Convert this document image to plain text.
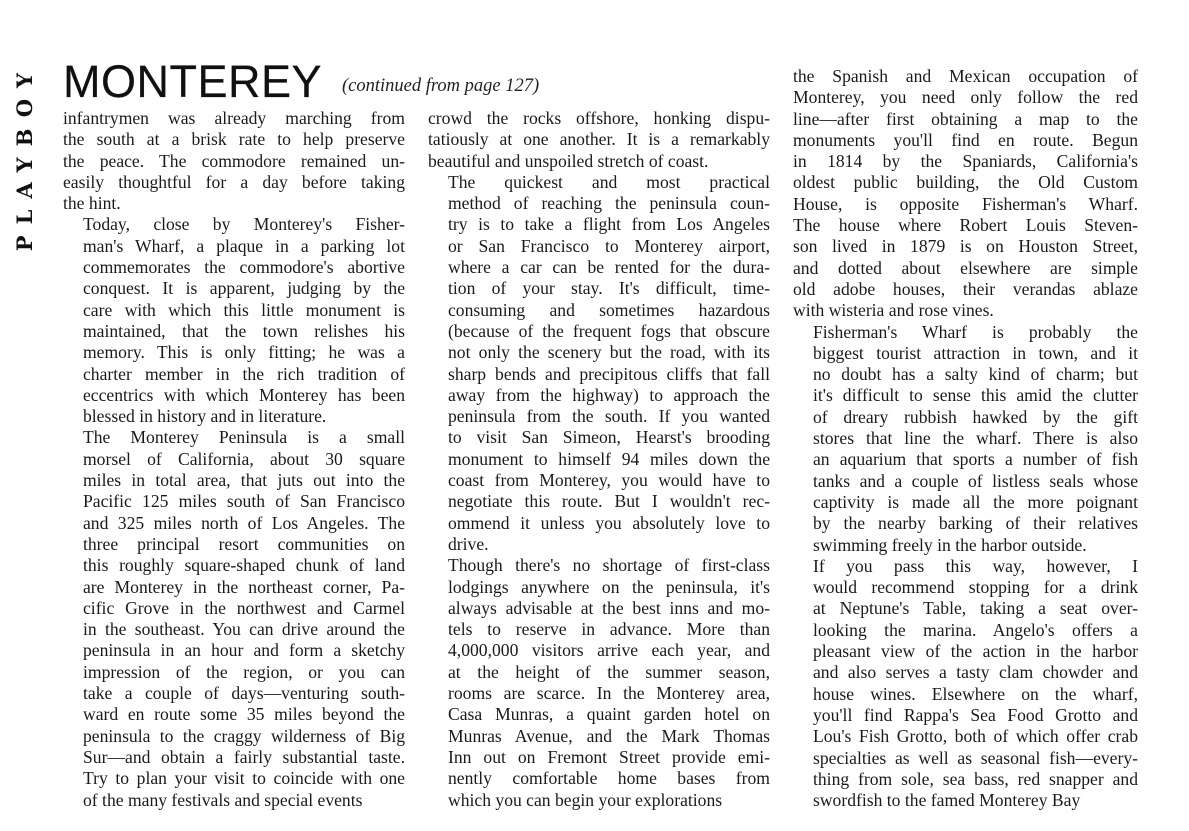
PLAYBOY MONTEREY (continued from page 127)

infantrymen was already marching from
the south at a brisk rate to help preserve
the peace. The commodore remained un-
easily thoughtful for a day before taking
the hint.

Today, close by Monterey's Fisher-
man's Wharf, a plaque in a parking lot
commemorates the commodore's abortive
conquest. It is apparent, judging by the
care with which this little monument is
maintained, that the town relishes his
memory. This is only fitting; he was a
charter member in the rich tradition of
eccentrics with which Monterey has been
blessed in history and in literature.

The Monterey Peninsula is a small
morsel of California, about 30 square
miles in total area, that juts out into the
Pacific 125 miles south of San Francisco
and 325 miles north of Los Angeles. The
three principal resort communities on
this roughly square-shaped chunk of land
are Monterey in the northeast corner, Pa-
cific Grove in the northwest and Carmel
in the southeast. You can drive around the
peninsula in an hour and form a sketchy
impression of the region, or you can
take a couple of days—venturing south-
ward en route some 35 miles beyond the
peninsula to the craggy wilderness of Big
Sur—and obtain a fairly substantial taste.
Try to plan your visit to coincide with one
of the many festivals and special events

crowd the rocks offshore, honking dispu-
tatiously at one another. It is a remarkably
beautiful and unspoiled stretch of coast.

The quickest and most practical
method of reaching the peninsula coun-
try is to take a flight from Los Angeles
or San Francisco to Monterey airport,
where a car can be rented for the dura-
tion of your stay. It's difficult, time-
consuming and sometimes hazardous
(because of the frequent fogs that obscure
not only the scenery but the road, with its
sharp bends and precipitous cliffs that fall
away from the highway) to approach the
peninsula from the south. If you wanted
to visit San Simeon, Hearst's brooding
monument to himself 94 miles down the
coast from Monterey, you would have to
negotiate this route. But I wouldn't rec-
ommend it unless you absolutely love to
drive.

Though there's no shortage of first-class
lodgings anywhere on the peninsula, it's
always advisable at the best inns and mo-
tels to reserve in advance. More than
4,000,000 visitors arrive each year, and
at the height of the summer season,
rooms are scarce. In the Monterey area,
Casa Munras, a quaint garden hotel on
Munras Avenue, and the Mark Thomas
Inn out on Fremont Street provide emi-
nently comfortable home bases from
which you can begin your explorations

the Spanish and Mexican occupation of
Monterey, you need only follow the red
line—after first obtaining a map to the
monuments you'll find en route. Begun
in 1814 by the Spaniards, California's
oldest public building, the Old Custom
House, is opposite Fisherman's Wharf.
The house where Robert Louis Steven-
son lived in 1879 is on Houston Street,
and dotted about elsewhere are simple
old adobe houses, their verandas ablaze
with wisteria and rose vines.

Fisherman's Wharf is probably the
biggest tourist attraction in town, and it
no doubt has a salty kind of charm; but
it's difficult to sense this amid the clutter
of dreary rubbish hawked by the gift
stores that line the wharf. There is also
an aquarium that sports a number of fish
tanks and a couple of listless seals whose
captivity is made all the more poignant
by the nearby barking of their relatives
swimming freely in the harbor outside.

If you pass this way, however, I
would recommend stopping for a drink
at Neptune's Table, taking a seat over-
looking the marina. Angelo's offers a
pleasant view of the action in the harbor
and also serves a tasty clam chowder and
house wines. Elsewhere on the wharf,
you'll find Rappa's Sea Food Grotto and
Lou's Fish Grotto, both of which offer crab
specialties as well as seasonal fish—every-
thing from sole, sea bass, red snapper and
swordfish to the famed Monterey Bay
